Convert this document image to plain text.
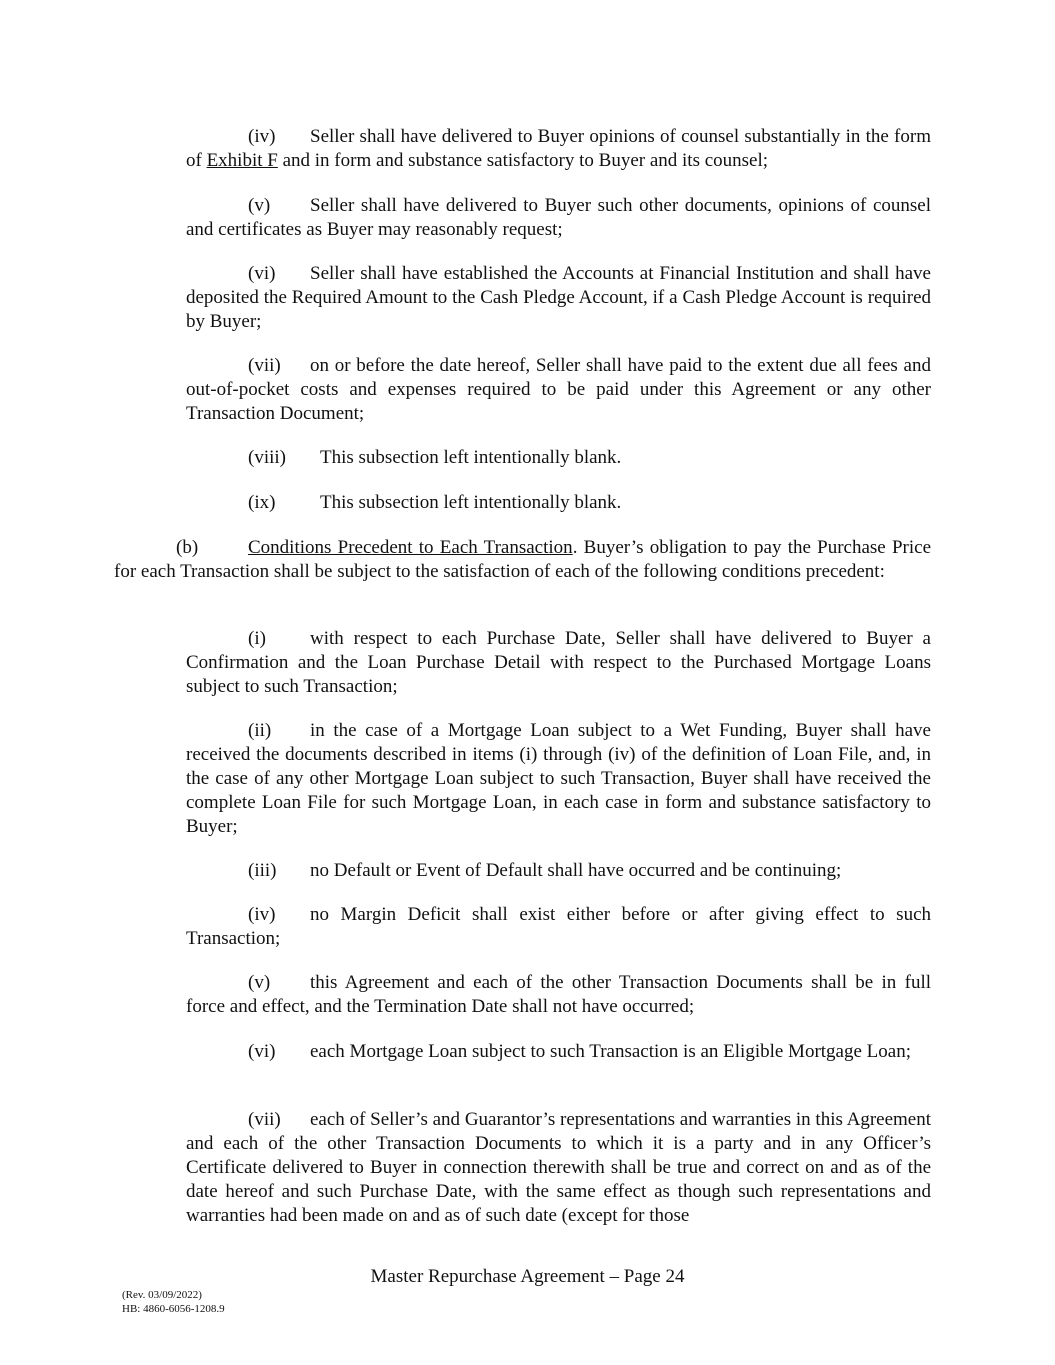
(iv) Seller shall have delivered to Buyer opinions of counsel substantially in the form of Exhibit F and in form and substance satisfactory to Buyer and its counsel;
(v) Seller shall have delivered to Buyer such other documents, opinions of counsel and certificates as Buyer may reasonably request;
(vi) Seller shall have established the Accounts at Financial Institution and shall have deposited the Required Amount to the Cash Pledge Account, if a Cash Pledge Account is required by Buyer;
(vii) on or before the date hereof, Seller shall have paid to the extent due all fees and out-of-pocket costs and expenses required to be paid under this Agreement or any other Transaction Document;
(viii) This subsection left intentionally blank.
(ix) This subsection left intentionally blank.
(b)	Conditions Precedent to Each Transaction. Buyer’s obligation to pay the Purchase Price for each Transaction shall be subject to the satisfaction of each of the following conditions precedent:
(i) with respect to each Purchase Date, Seller shall have delivered to Buyer a Confirmation and the Loan Purchase Detail with respect to the Purchased Mortgage Loans subject to such Transaction;
(ii) in the case of a Mortgage Loan subject to a Wet Funding, Buyer shall have received the documents described in items (i) through (iv) of the definition of Loan File, and, in the case of any other Mortgage Loan subject to such Transaction, Buyer shall have received the complete Loan File for such Mortgage Loan, in each case in form and substance satisfactory to Buyer;
(iii) no Default or Event of Default shall have occurred and be continuing;
(iv) no Margin Deficit shall exist either before or after giving effect to such Transaction;
(v) this Agreement and each of the other Transaction Documents shall be in full force and effect, and the Termination Date shall not have occurred;
(vi) each Mortgage Loan subject to such Transaction is an Eligible Mortgage Loan;
(vii) each of Seller’s and Guarantor’s representations and warranties in this Agreement and each of the other Transaction Documents to which it is a party and in any Officer’s Certificate delivered to Buyer in connection therewith shall be true and correct on and as of the date hereof and such Purchase Date, with the same effect as though such representations and warranties had been made on and as of such date (except for those
Master Repurchase Agreement – Page 24
(Rev. 03/09/2022)
HB: 4860-6056-1208.9
